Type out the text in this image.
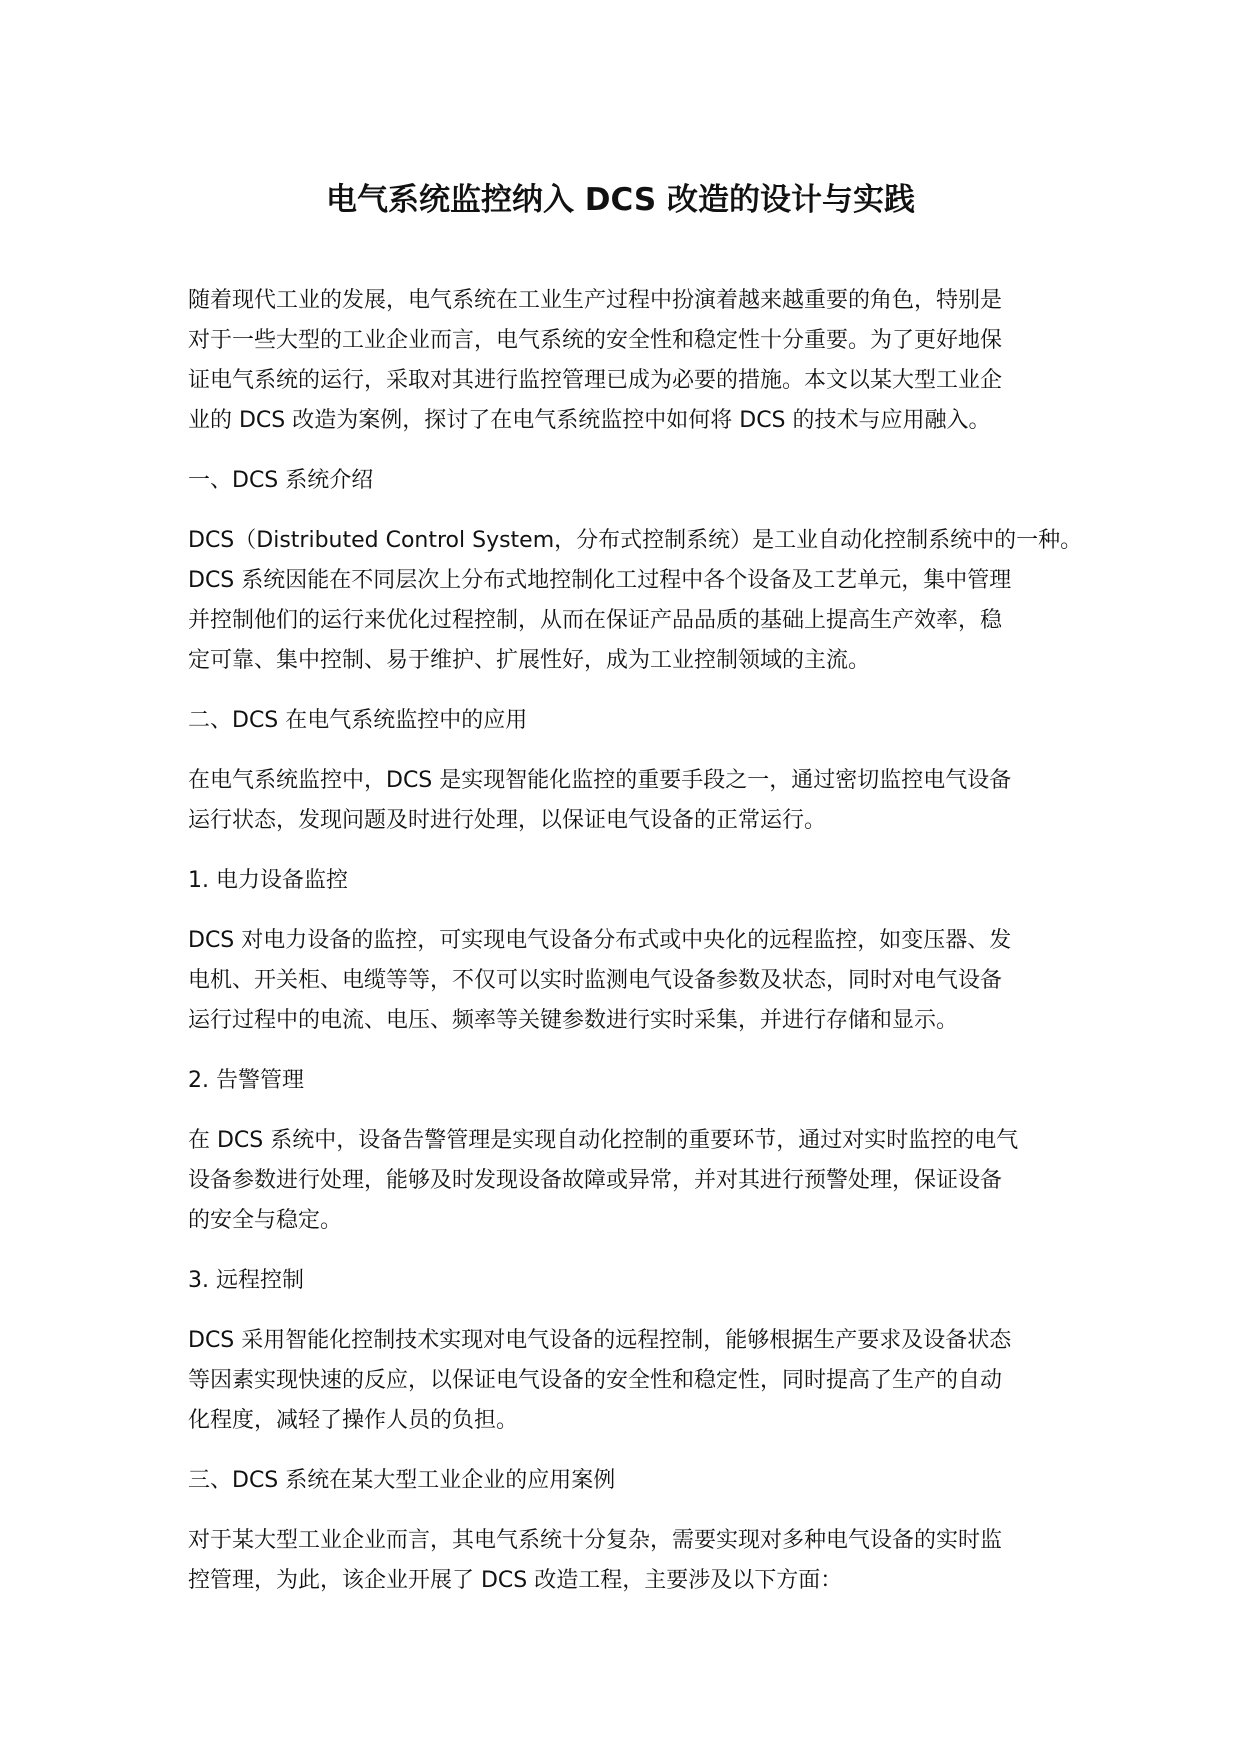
电气系统监控纳入 DCS 改造的设计与实践

随着现代工业的发展，电气系统在工业生产过程中扮演着越来越重要的角色，特别是
对于一些大型的工业企业而言，电气系统的安全性和稳定性十分重要。为了更好地保
证电气系统的运行，采取对其进行监控管理已成为必要的措施。本文以某大型工业企
业的 DCS 改造为案例，探讨了在电气系统监控中如何将 DCS 的技术与应用融入。

一、DCS 系统介绍

DCS（Distributed Control System，分布式控制系统）是工业自动化控制系统中的一种。
DCS 系统因能在不同层次上分布式地控制化工过程中各个设备及工艺单元，集中管理
并控制他们的运行来优化过程控制，从而在保证产品品质的基础上提高生产效率，稳
定可靠、集中控制、易于维护、扩展性好，成为工业控制领域的主流。

二、DCS 在电气系统监控中的应用

在电气系统监控中，DCS 是实现智能化监控的重要手段之一，通过密切监控电气设备
运行状态，发现问题及时进行处理，以保证电气设备的正常运行。

1. 电力设备监控

DCS 对电力设备的监控，可实现电气设备分布式或中央化的远程监控，如变压器、发
电机、开关柜、电缆等等，不仅可以实时监测电气设备参数及状态，同时对电气设备
运行过程中的电流、电压、频率等关键参数进行实时采集，并进行存储和显示。

2. 告警管理

在 DCS 系统中，设备告警管理是实现自动化控制的重要环节，通过对实时监控的电气
设备参数进行处理，能够及时发现设备故障或异常，并对其进行预警处理，保证设备
的安全与稳定。

3. 远程控制

DCS 采用智能化控制技术实现对电气设备的远程控制，能够根据生产要求及设备状态
等因素实现快速的反应，以保证电气设备的安全性和稳定性，同时提高了生产的自动
化程度，减轻了操作人员的负担。

三、DCS 系统在某大型工业企业的应用案例

对于某大型工业企业而言，其电气系统十分复杂，需要实现对多种电气设备的实时监
控管理，为此，该企业开展了 DCS 改造工程，主要涉及以下方面：
